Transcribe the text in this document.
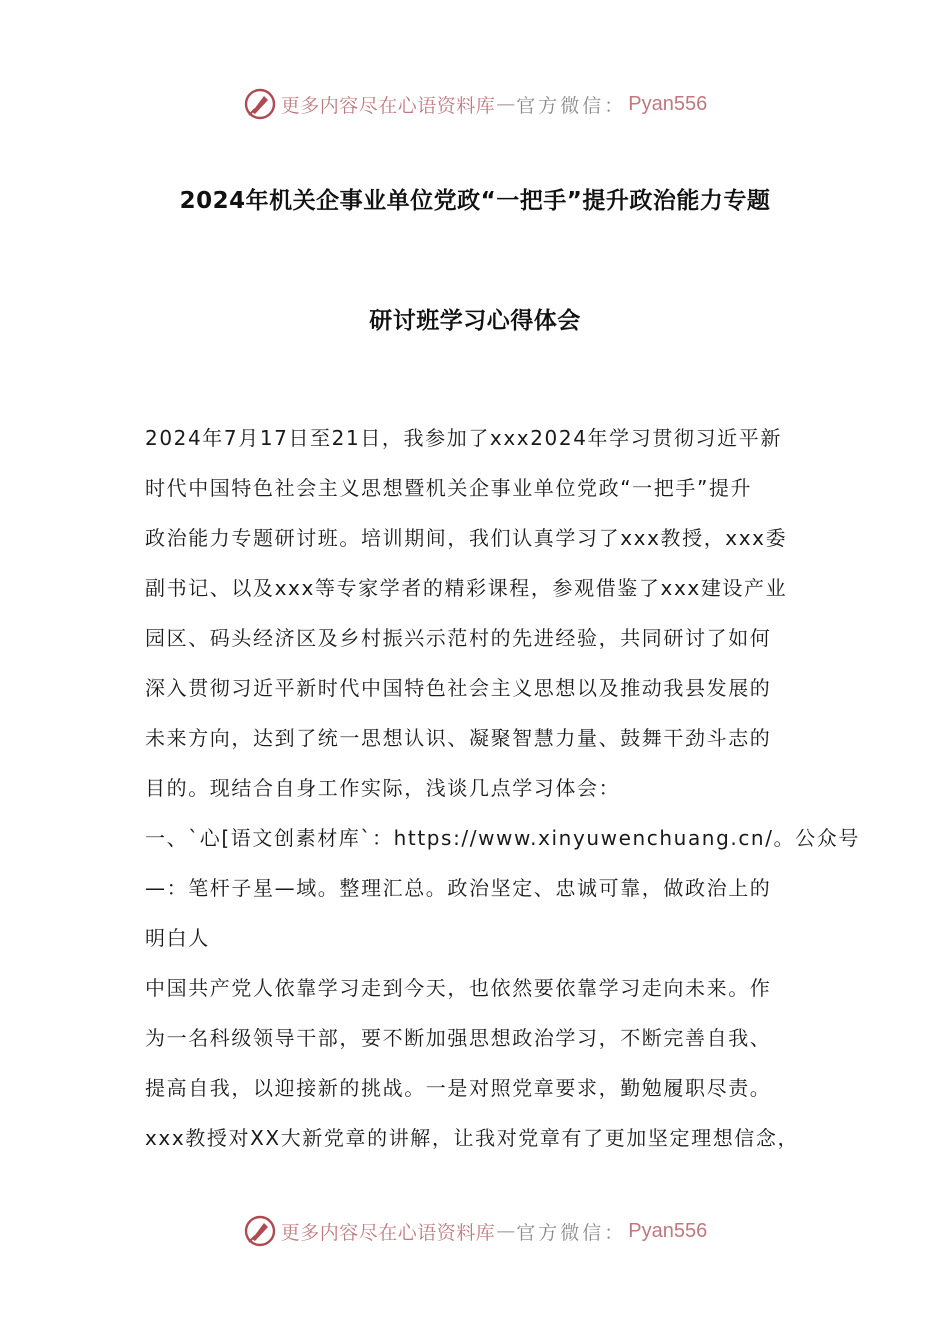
更多内容尽在心语资料库 — 官方微信： Pyan556
2024年机关企事业单位党政“一把手”提升政治能力专题
研讨班学习心得体会
2024年7月17日至21日，我参加了xxx2024年学习贯彻习近平新
时代中国特色社会主义思想暨机关企事业单位党政“一把手”提升
政治能力专题研讨班。培训期间，我们认真学习了xxx教授，xxx委
副书记、以及xxx等专家学者的精彩课程，参观借鉴了xxx建设产业
园区、码头经济区及乡村振兴示范村的先进经验，共同研讨了如何
深入贯彻习近平新时代中国特色社会主义思想以及推动我县发展的
未来方向，达到了统一思想认识、凝聚智慧力量、鼓舞干劲斗志的
目的。现结合自身工作实际，浅谈几点学习体会：
一、`心[语文创素材库`：https://www.xinyuwenchuang.cn/。公众号
—：笔杆子星—域。整理汇总。政治坚定、忠诚可靠，做政治上的
明白人
中国共产党人依靠学习走到今天，也依然要依靠学习走向未来。作
为一名科级领导干部，要不断加强思想政治学习，不断完善自我、
提高自我，以迎接新的挑战。一是对照党章要求，勤勉履职尽责。
xxx教授对XX大新党章的讲解，让我对党章有了更加坚定理想信念，
更多内容尽在心语资料库 — 官方微信： Pyan556
